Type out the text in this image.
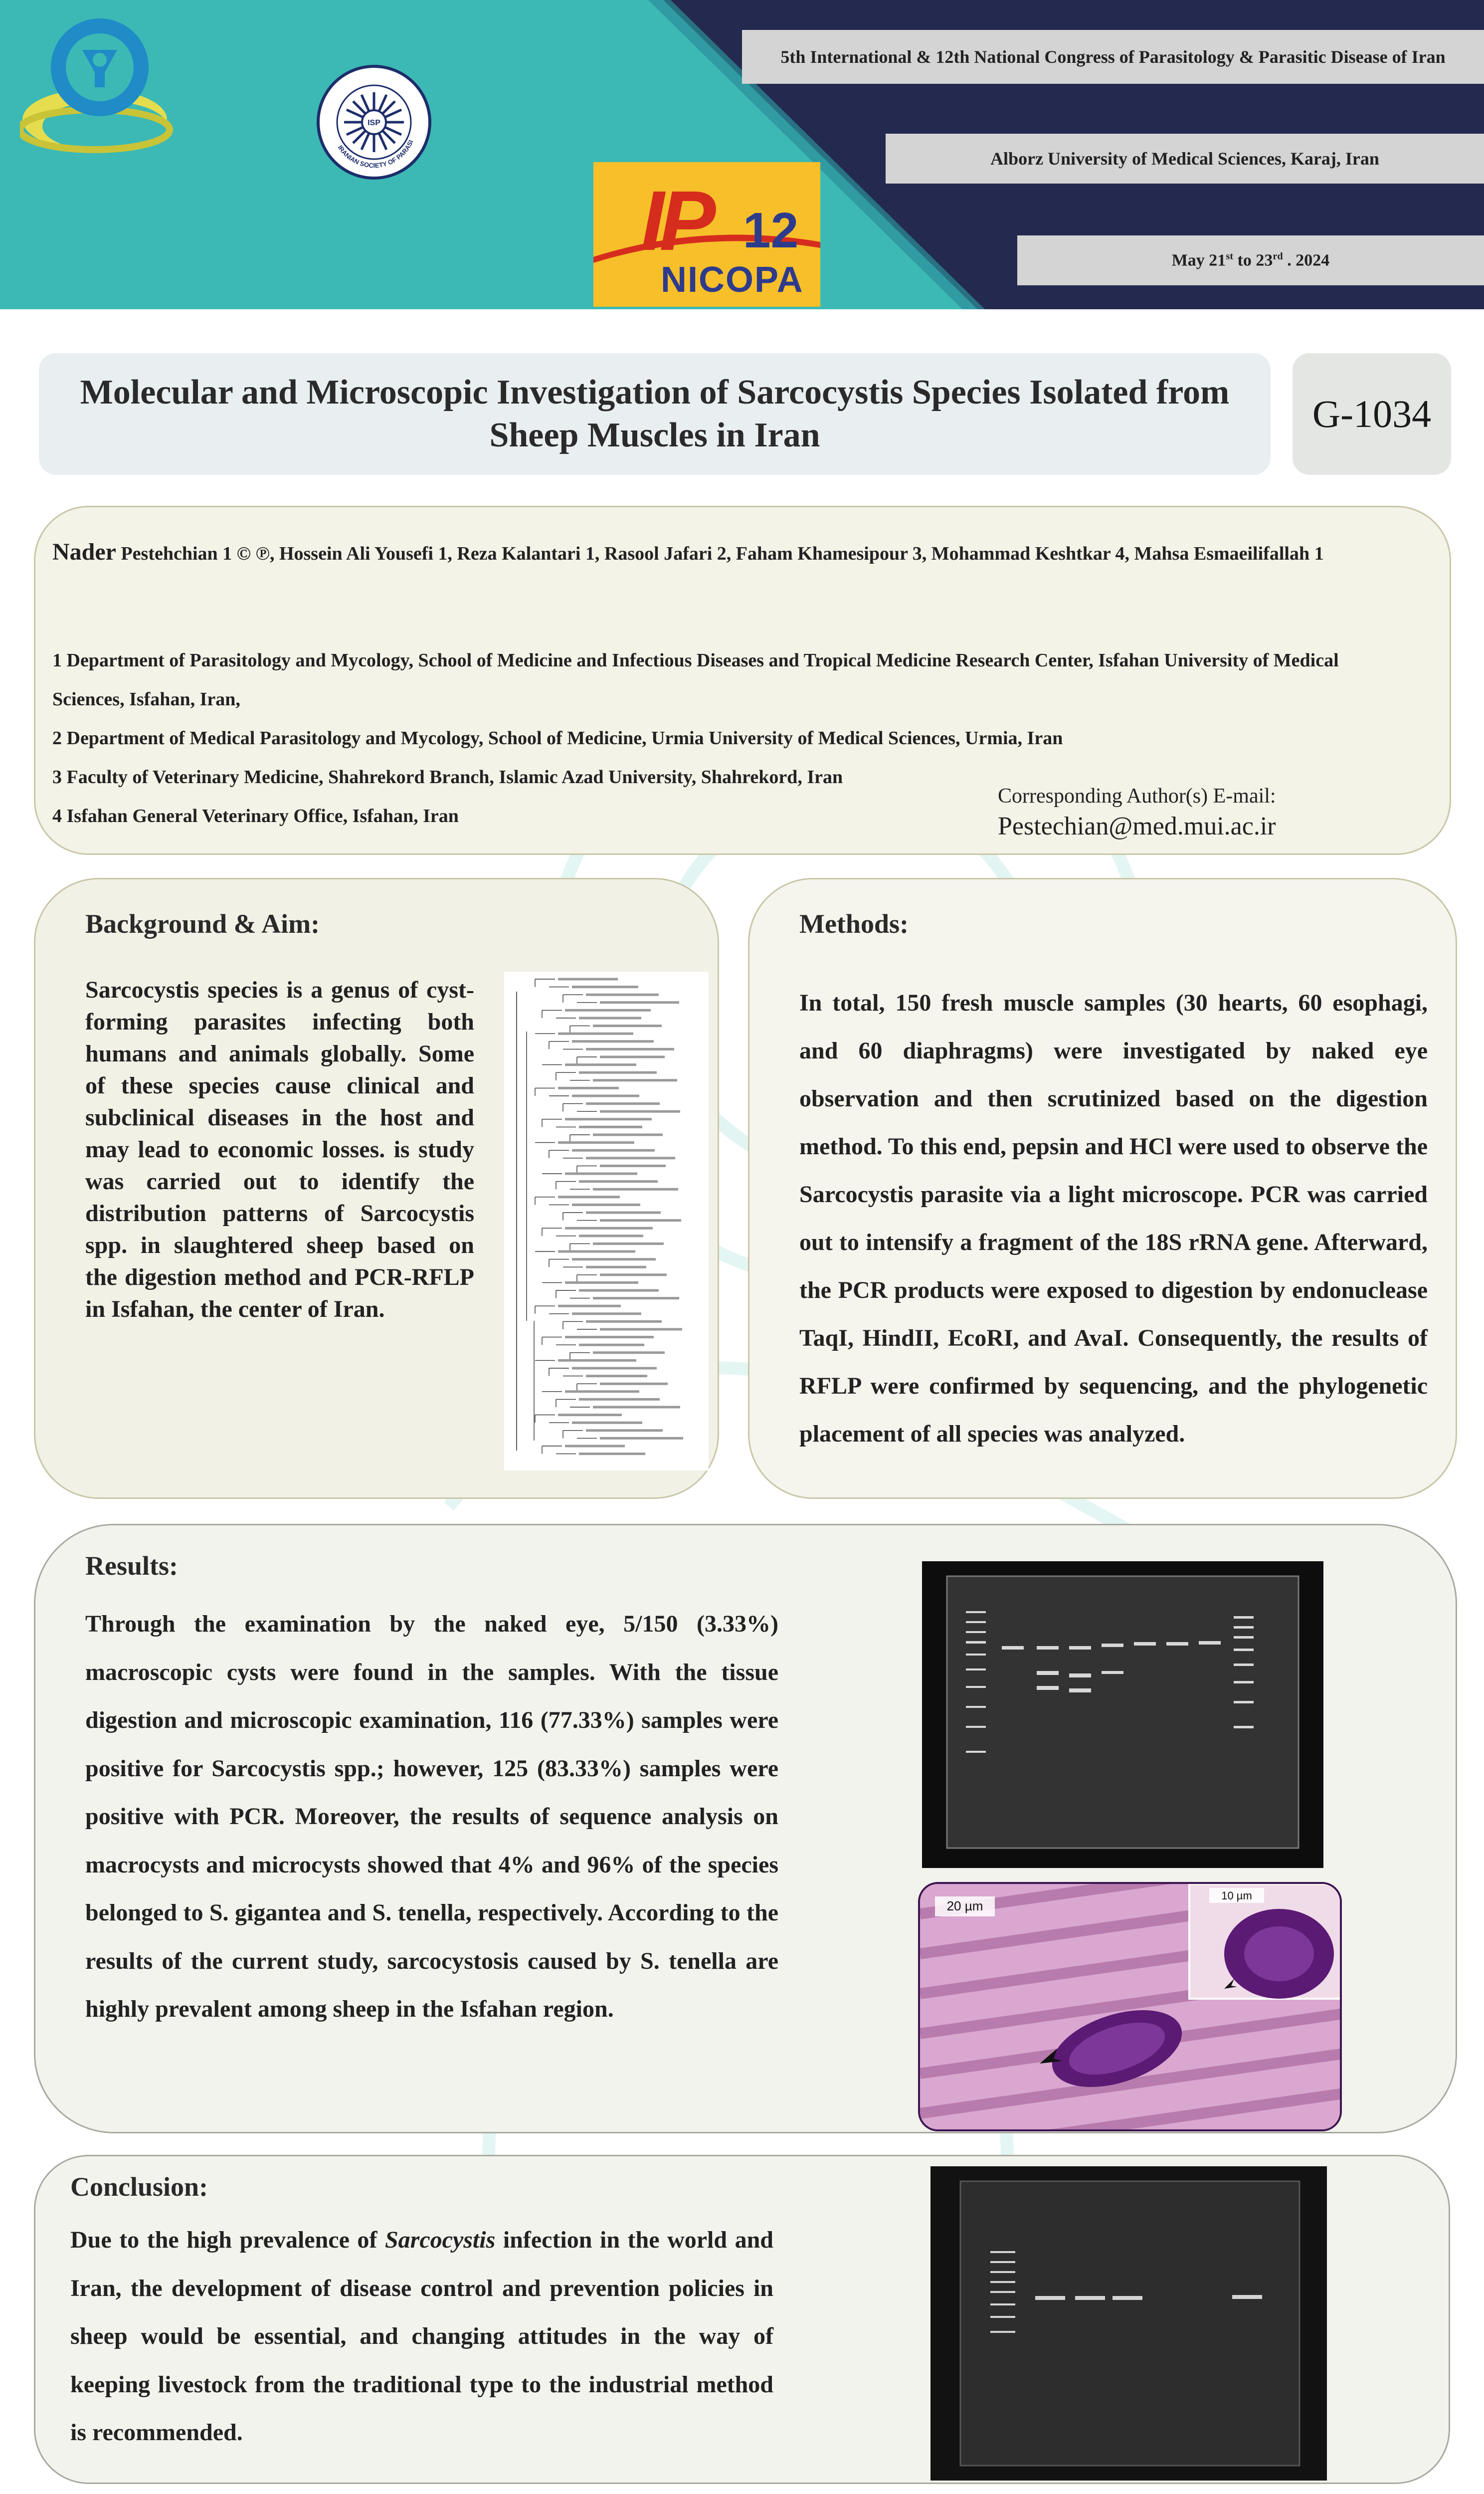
ISP
IRANIAN SOCIETY OF PARASI
IP 12
NICOPA
5th International & 12th National Congress of Parasitology & Parasitic Disease of Iran
Alborz University of Medical Sciences, Karaj, Iran
May 21st to 23rd . 2024
Molecular and Microscopic Investigation of Sarcocystis Species Isolated from Sheep Muscles in Iran	G-1034
Nader Pestehchian 1 © ℗, Hossein Ali Yousefi 1, Reza Kalantari 1, Rasool Jafari 2, Faham Khamesipour 3, Mohammad Keshtkar 4, Mahsa Esmaeilifallah 1
1 Department of Parasitology and Mycology, School of Medicine and Infectious Diseases and Tropical Medicine Research Center, Isfahan University of Medical Sciences, Isfahan, Iran,
2 Department of Medical Parasitology and Mycology, School of Medicine, Urmia University of Medical Sciences, Urmia, Iran
3 Faculty of Veterinary Medicine, Shahrekord Branch, Islamic Azad University, Shahrekord, Iran
4 Isfahan General Veterinary Office, Isfahan, Iran
Corresponding Author(s) E-mail:
Pestechian@med.mui.ac.ir
Background & Aim:
Sarcocystis species is a genus of cyst-forming parasites infecting both humans and animals globally. Some of these species cause clinical and subclinical diseases in the host and may lead to economic losses. is study was carried out to identify the distribution patterns of Sarcocystis spp. in slaughtered sheep based on the digestion method and PCR-RFLP in Isfahan, the center of Iran.
Methods:
In total, 150 fresh muscle samples (30 hearts, 60 esophagi, and 60 diaphragms) were investigated by naked eye observation and then scrutinized based on the digestion method. To this end, pepsin and HCl were used to observe the Sarcocystis parasite via a light microscope. PCR was carried out to intensify a fragment of the 18S rRNA gene. Afterward, the PCR products were exposed to digestion by endonuclease TaqI, HindII, EcoRI, and AvaI. Consequently, the results of RFLP were confirmed by sequencing, and the phylogenetic placement of all species was analyzed.
Results:
Through the examination by the naked eye, 5/150 (3.33%) macroscopic cysts were found in the samples. With the tissue digestion and microscopic examination, 116 (77.33%) samples were positive for Sarcocystis spp.; however, 125 (83.33%) samples were positive with PCR. Moreover, the results of sequence analysis on macrocysts and microcysts showed that 4% and 96% of the species belonged to S. gigantea and S. tenella, respectively. According to the results of the current study, sarcocystosis caused by S. tenella are highly prevalent among sheep in the Isfahan region.
20 µm
10 µm
Conclusion:
Due to the high prevalence of Sarcocystis infection in the world and Iran, the development of disease control and prevention policies in sheep would be essential, and changing attitudes in the way of keeping livestock from the traditional type to the industrial method is recommended.
